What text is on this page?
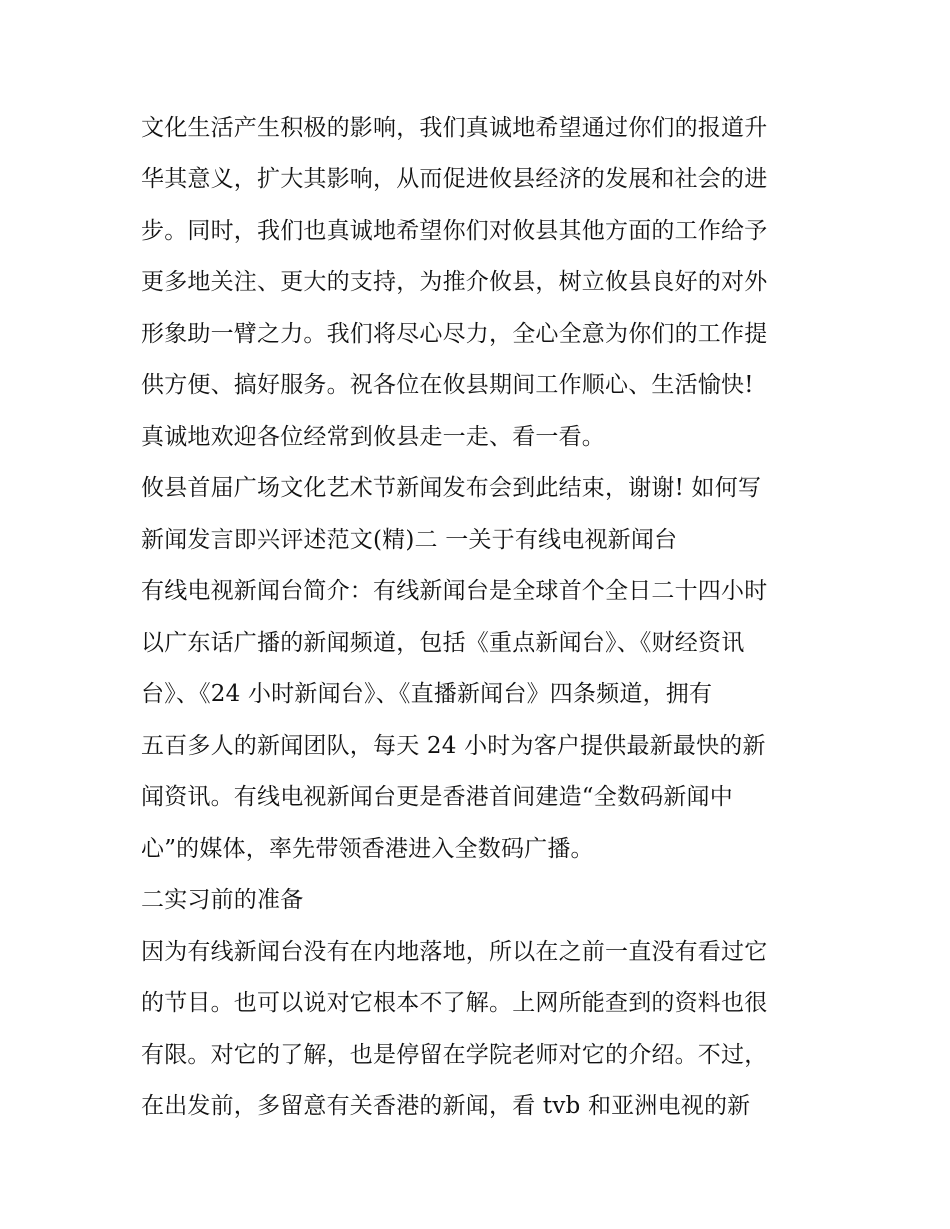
文化生活产生积极的影响，我们真诚地希望通过你们的报道升
华其意义，扩大其影响，从而促进攸县经济的发展和社会的进
步。同时，我们也真诚地希望你们对攸县其他方面的工作给予
更多地关注、更大的支持，为推介攸县，树立攸县良好的对外
形象助一臂之力。我们将尽心尽力，全心全意为你们的工作提
供方便、搞好服务。祝各位在攸县期间工作顺心、生活愉快!
真诚地欢迎各位经常到攸县走一走、看一看。
攸县首届广场文化艺术节新闻发布会到此结束，谢谢! 如何写
新闻发言即兴评述范文(精)二 一关于有线电视新闻台
有线电视新闻台简介：有线新闻台是全球首个全日二十四小时
以广东话广播的新闻频道，包括《重点新闻台》、《财经资讯
台》、《24 小时新闻台》、《直播新闻台》四条频道，拥有
五百多人的新闻团队，每天 24 小时为客户提供最新最快的新
闻资讯。有线电视新闻台更是香港首间建造“全数码新闻中
心”的媒体，率先带领香港进入全数码广播。
二实习前的准备
因为有线新闻台没有在内地落地，所以在之前一直没有看过它
的节目。也可以说对它根本不了解。上网所能查到的资料也很
有限。对它的了解，也是停留在学院老师对它的介绍。不过，
在出发前，多留意有关香港的新闻，看 tvb 和亚洲电视的新
